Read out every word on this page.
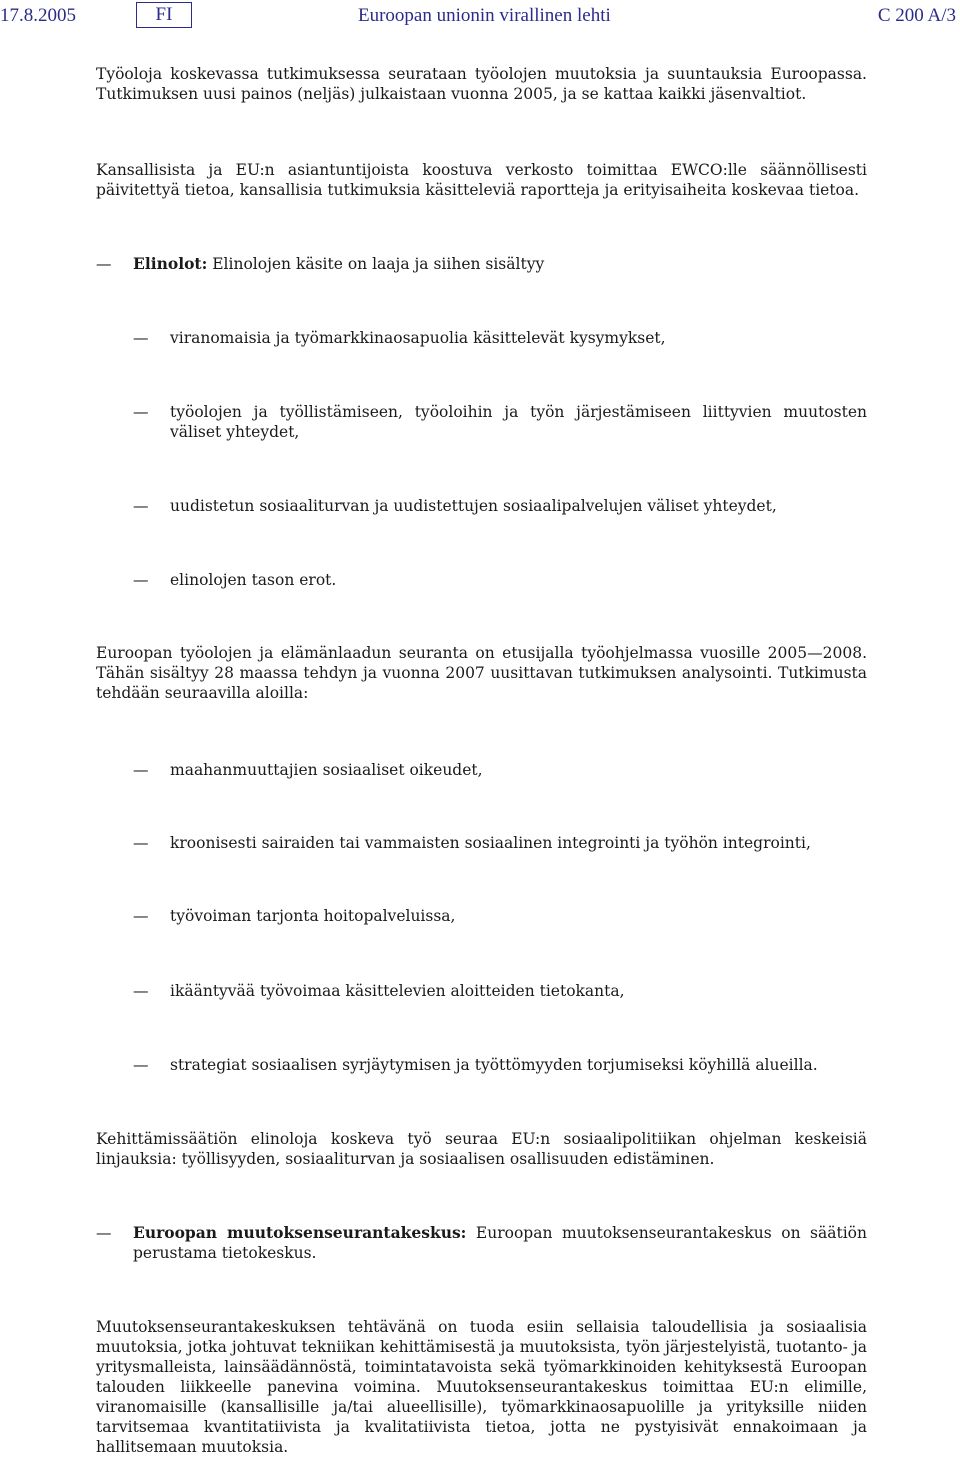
17.8.2005	FI	Euroopan unionin virallinen lehti	C 200 A/3

Työoloja koskevassa tutkimuksessa seurataan työolojen muutoksia ja suuntauksia Euroopassa. Tutkimuksen uusi painos (neljäs) julkaistaan vuonna 2005, ja se kattaa kaikki jäsenvaltiot.

Kansallisista ja EU:n asiantuntijoista koostuva verkosto toimittaa EWCO:lle säännöllisesti päivitettyä tietoa, kansallisia tutkimuksia käsitteleviä raportteja ja erityisaiheita koskevaa tietoa.

— Elinolot: Elinolojen käsite on laaja ja siihen sisältyy
— viranomaisia ja työmarkkinaosapuolia käsittelevät kysymykset,
— työolojen ja työllistämiseen, työoloihin ja työn järjestämiseen liittyvien muutosten väliset yhteydet,
— uudistetun sosiaaliturvan ja uudistettujen sosiaalipalvelujen väliset yhteydet,
— elinolojen tason erot.

Euroopan työolojen ja elämänlaadun seuranta on etusijalla työohjelmassa vuosille 2005—2008. Tähän sisältyy 28 maassa tehdyn ja vuonna 2007 uusittavan tutkimuksen analysointi. Tutkimusta tehdään seuraavilla aloilla:

— maahanmuuttajien sosiaaliset oikeudet,
— kroonisesti sairaiden tai vammaisten sosiaalinen integrointi ja työhön integrointi,
— työvoiman tarjonta hoitopalveluissa,
— ikääntyvää työvoimaa käsittelevien aloitteiden tietokanta,
— strategiat sosiaalisen syrjäytymisen ja työttömyyden torjumiseksi köyhillä alueilla.

Kehittämissäätiön elinoloja koskeva työ seuraa EU:n sosiaalipolitiikan ohjelman keskeisiä linjauksia: työllisyyden, sosiaaliturvan ja sosiaalisen osallisuuden edistäminen.

— Euroopan muutoksenseurantakeskus: Euroopan muutoksenseurantakeskus on säätiön perustama tietokeskus.

Muutoksenseurantakeskuksen tehtävänä on tuoda esiin sellaisia taloudellisia ja sosiaalisia muutoksia, jotka johtuvat tekniikan kehittämisestä ja muutoksista, työn järjestelyistä, tuotanto- ja yritysmalleista, lainsäädännöstä, toimintatavoista sekä työmarkkinoiden kehityksestä Euroopan talouden liikkeelle panevina voimina. Muutoksenseurantakeskus toimittaa EU:n elimille, viranomaisille (kansallisille ja/tai alueellisille), työmarkkinaosapuolille ja yrityksille niiden tarvitsemaa kvantitatiivista ja kvalitatiivista tietoa, jotta ne pystyisivät ennakoimaan ja hallitsemaan muutoksia.
